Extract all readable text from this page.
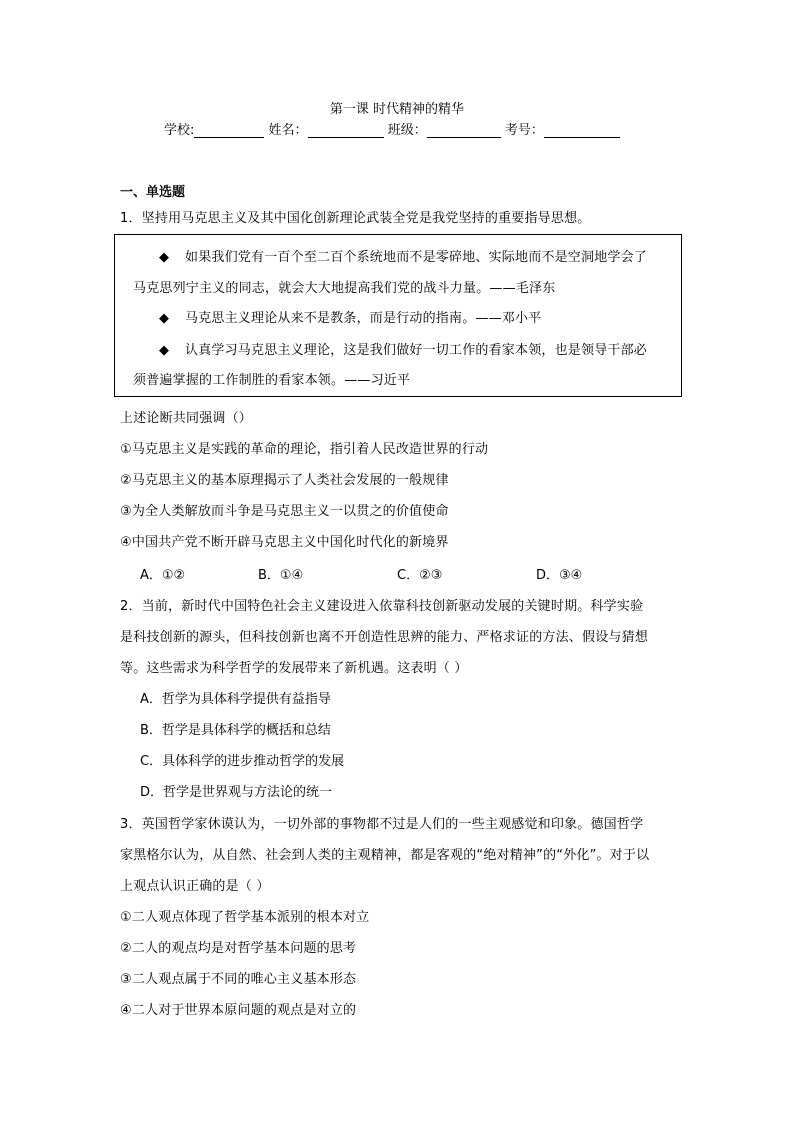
第一课 时代精神的精华
学校:	姓名：	班级：	考号：
一、单选题
1．坚持用马克思主义及其中国化创新理论武装全党是我党坚持的重要指导思想。
◆ 如果我们党有一百个至二百个系统地而不是零碎地、实际地而不是空洞地学会了
马克思列宁主义的同志，就会大大地提高我们党的战斗力量。——毛泽东
◆ 马克思主义理论从来不是教条，而是行动的指南。——邓小平
◆ 认真学习马克思主义理论，这是我们做好一切工作的看家本领，也是领导干部必
须普遍掌握的工作制胜的看家本领。——习近平
上述论断共同强调（）
①马克思主义是实践的革命的理论，指引着人民改造世界的行动
②马克思主义的基本原理揭示了人类社会发展的一般规律
③为全人类解放而斗争是马克思主义一以贯之的价值使命
④中国共产党不断开辟马克思主义中国化时代化的新境界
A．①②	B．①④	C．②③	D．③④
2．当前，新时代中国特色社会主义建设进入依靠科技创新驱动发展的关键时期。科学实验
是科技创新的源头，但科技创新也离不开创造性思辨的能力、严格求证的方法、假设与猜想
等。这些需求为科学哲学的发展带来了新机遇。这表明（ ）
A．哲学为具体科学提供有益指导
B．哲学是具体科学的概括和总结
C．具体科学的进步推动哲学的发展
D．哲学是世界观与方法论的统一
3．英国哲学家休谟认为，一切外部的事物都不过是人们的一些主观感觉和印象。德国哲学
家黑格尔认为，从自然、社会到人类的主观精神，都是客观的“绝对精神”的“外化”。对于以
上观点认识正确的是（ ）
①二人观点体现了哲学基本派别的根本对立
②二人的观点均是对哲学基本问题的思考
③二人观点属于不同的唯心主义基本形态
④二人对于世界本原问题的观点是对立的
